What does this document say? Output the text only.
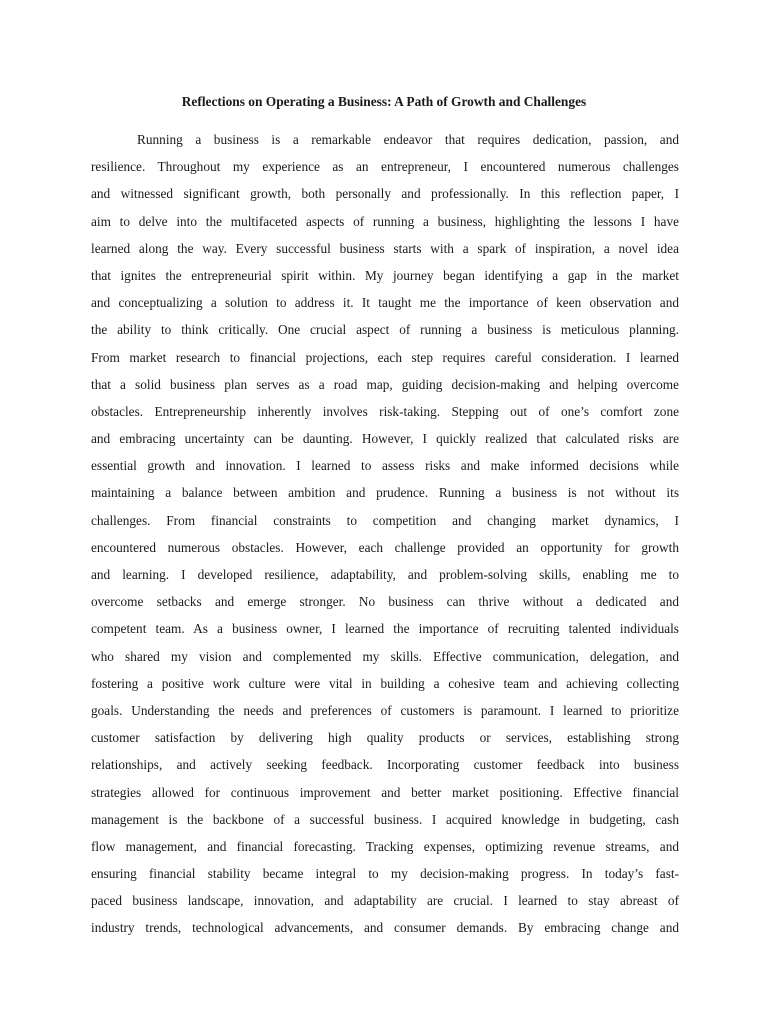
Reflections on Operating a Business: A Path of Growth and Challenges
Running a business is a remarkable endeavor that requires dedication, passion, and
resilience. Throughout my experience as an entrepreneur, I encountered numerous challenges
and witnessed significant growth, both personally and professionally. In this reflection paper, I
aim to delve into the multifaceted aspects of running a business, highlighting the lessons I have
learned along the way. Every successful business starts with a spark of inspiration, a novel idea
that ignites the entrepreneurial spirit within. My journey began identifying a gap in the market
and conceptualizing a solution to address it. It taught me the importance of keen observation and
the ability to think critically. One crucial aspect of running a business is meticulous planning.
From market research to financial projections, each step requires careful consideration. I learned
that a solid business plan serves as a road map, guiding decision-making and helping overcome
obstacles. Entrepreneurship inherently involves risk-taking. Stepping out of one’s comfort zone
and embracing uncertainty can be daunting. However, I quickly realized that calculated risks are
essential growth and innovation. I learned to assess risks and make informed decisions while
maintaining a balance between ambition and prudence. Running a business is not without its
challenges. From financial constraints to competition and changing market dynamics, I
encountered numerous obstacles. However, each challenge provided an opportunity for growth
and learning. I developed resilience, adaptability, and problem-solving skills, enabling me to
overcome setbacks and emerge stronger. No business can thrive without a dedicated and
competent team. As a business owner, I learned the importance of recruiting talented individuals
who shared my vision and complemented my skills. Effective communication, delegation, and
fostering a positive work culture were vital in building a cohesive team and achieving collecting
goals. Understanding the needs and preferences of customers is paramount. I learned to prioritize
customer satisfaction by delivering high quality products or services, establishing strong
relationships, and actively seeking feedback. Incorporating customer feedback into business
strategies allowed for continuous improvement and better market positioning. Effective financial
management is the backbone of a successful business. I acquired knowledge in budgeting, cash
flow management, and financial forecasting. Tracking expenses, optimizing revenue streams, and
ensuring financial stability became integral to my decision-making progress. In today’s fast-
paced business landscape, innovation, and adaptability are crucial. I learned to stay abreast of
industry trends, technological advancements, and consumer demands. By embracing change and
